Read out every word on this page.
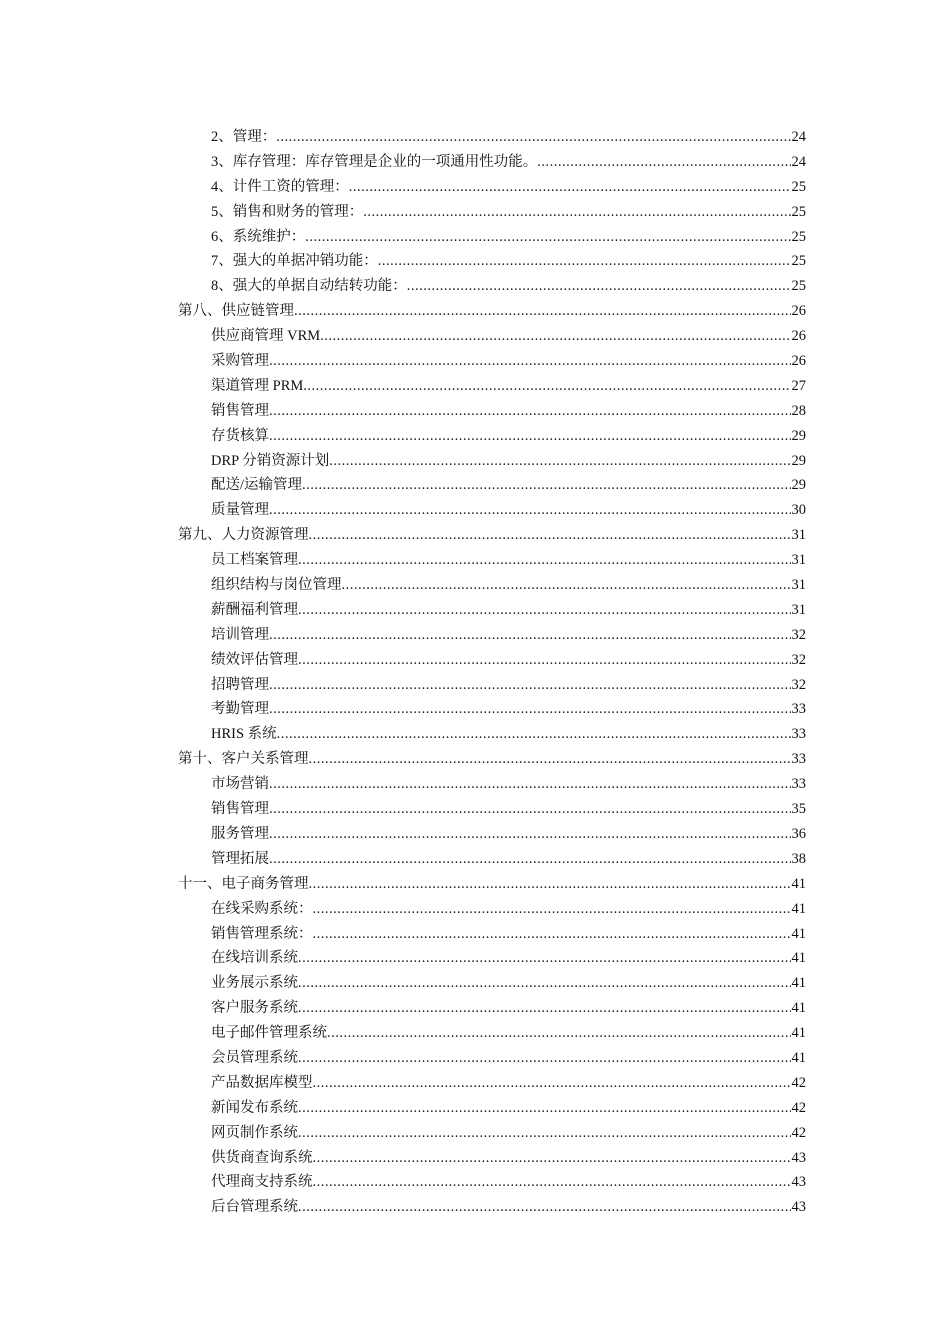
2、管理： .....	24
3、库存管理：库存管理是企业的一项通用性功能。 .....	24
4、计件工资的管理： .....	25
5、销售和财务的管理： .....	25
6、系统维护： .....	25
7、强大的单据冲销功能： .....	25
8、强大的单据自动结转功能： .....	25
第八、供应链管理 .....	26
供应商管理 VRM .....	26
采购管理 .....	26
渠道管理 PRM .....	27
销售管理 .....	28
存货核算 .....	29
DRP 分销资源计划 .....	29
配送/运输管理 .....	29
质量管理 .....	30
第九、人力资源管理 .....	31
员工档案管理 .....	31
组织结构与岗位管理 .....	31
薪酬福利管理 .....	31
培训管理 .....	32
绩效评估管理 .....	32
招聘管理 .....	32
考勤管理 .....	33
HRIS 系统 .....	33
第十、客户关系管理 .....	33
市场营销 .....	33
销售管理 .....	35
服务管理 .....	36
管理拓展 .....	38
十一、电子商务管理 .....	41
在线采购系统： .....	41
销售管理系统： .....	41
在线培训系统 .....	41
业务展示系统 .....	41
客户服务系统 .....	41
电子邮件管理系统 .....	41
会员管理系统 .....	41
产品数据库模型 .....	42
新闻发布系统 .....	42
网页制作系统 .....	42
供货商查询系统 .....	43
代理商支持系统 .....	43
后台管理系统 .....	43
